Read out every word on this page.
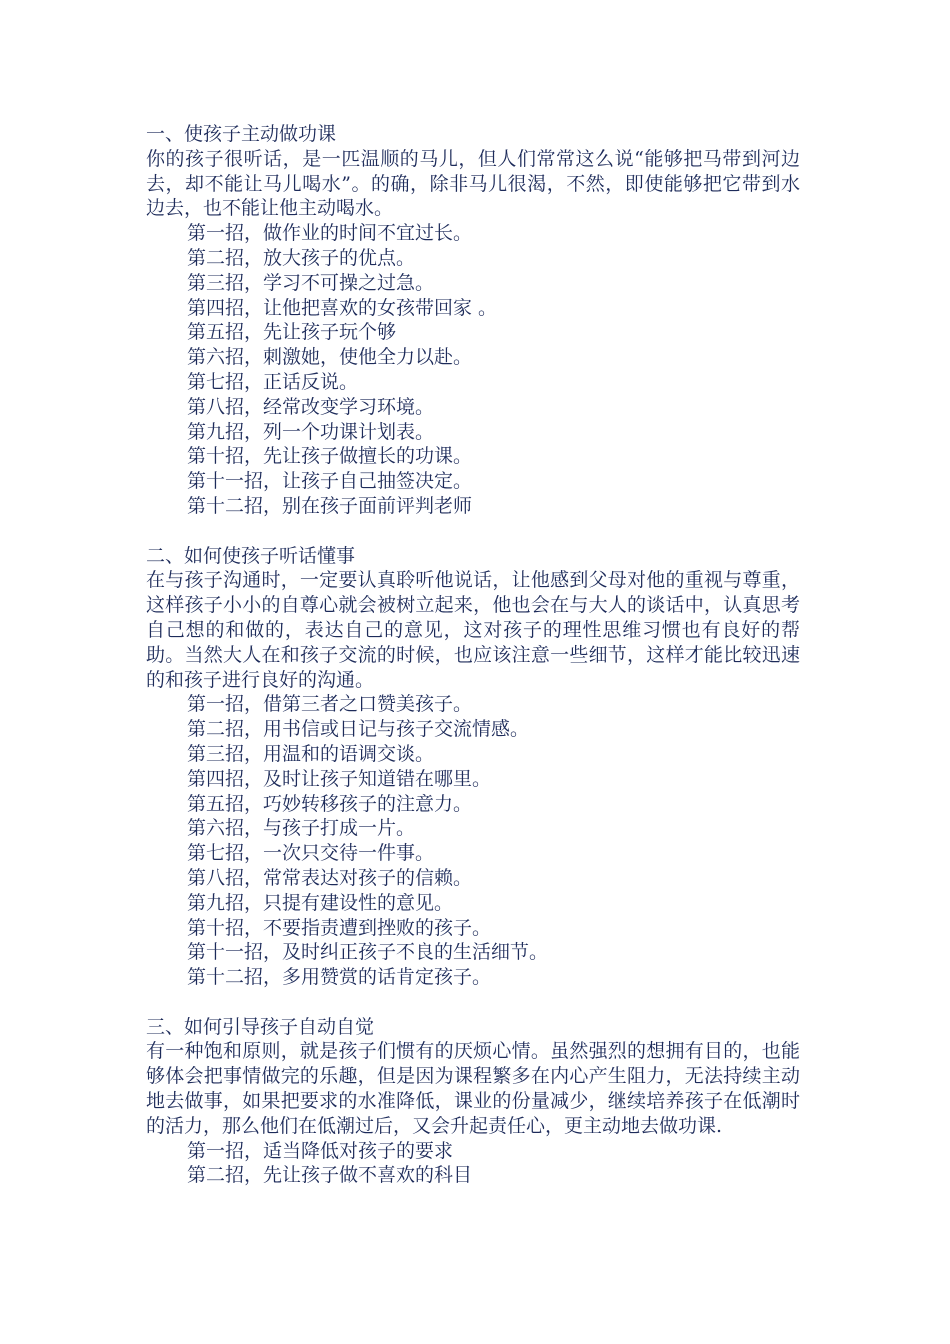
一、使孩子主动做功课

你的孩子很听话，是一匹温顺的马儿，但人们常常这么说“能够把马带到河边去，却不能让马儿喝水”。的确，除非马儿很渴，不然，即使能够把它带到水边去，也不能让他主动喝水。

第一招，做作业的时间不宜过长。

第二招，放大孩子的优点。

第三招，学习不可操之过急。

第四招，让他把喜欢的女孩带回家 。

第五招，先让孩子玩个够

第六招，刺激她，使他全力以赴。

第七招，正话反说。

第八招，经常改变学习环境。

第九招，列一个功课计划表。

第十招，先让孩子做擅长的功课。

第十一招，让孩子自己抽签决定。

第十二招，别在孩子面前评判老师

二、如何使孩子听话懂事

在与孩子沟通时，一定要认真聆听他说话，让他感到父母对他的重视与尊重，这样孩子小小的自尊心就会被树立起来，他也会在与大人的谈话中，认真思考自己想的和做的，表达自己的意见，这对孩子的理性思维习惯也有良好的帮助。当然大人在和孩子交流的时候，也应该注意一些细节，这样才能比较迅速的和孩子进行良好的沟通。

第一招，借第三者之口赞美孩子。

第二招，用书信或日记与孩子交流情感。

第三招，用温和的语调交谈。

第四招，及时让孩子知道错在哪里。

第五招，巧妙转移孩子的注意力。

第六招，与孩子打成一片。

第七招，一次只交待一件事。

第八招，常常表达对孩子的信赖。

第九招，只提有建设性的意见。

第十招，不要指责遭到挫败的孩子。

第十一招，及时纠正孩子不良的生活细节。

第十二招，多用赞赏的话肯定孩子。

三、如何引导孩子自动自觉

有一种饱和原则，就是孩子们惯有的厌烦心情。虽然强烈的想拥有目的，也能够体会把事情做完的乐趣，但是因为课程繁多在内心产生阻力，无法持续主动地去做事，如果把要求的水准降低，课业的份量减少，继续培养孩子在低潮时的活力，那么他们在低潮过后，又会升起责任心，更主动地去做功课.

第一招，适当降低对孩子的要求

第二招，先让孩子做不喜欢的科目
